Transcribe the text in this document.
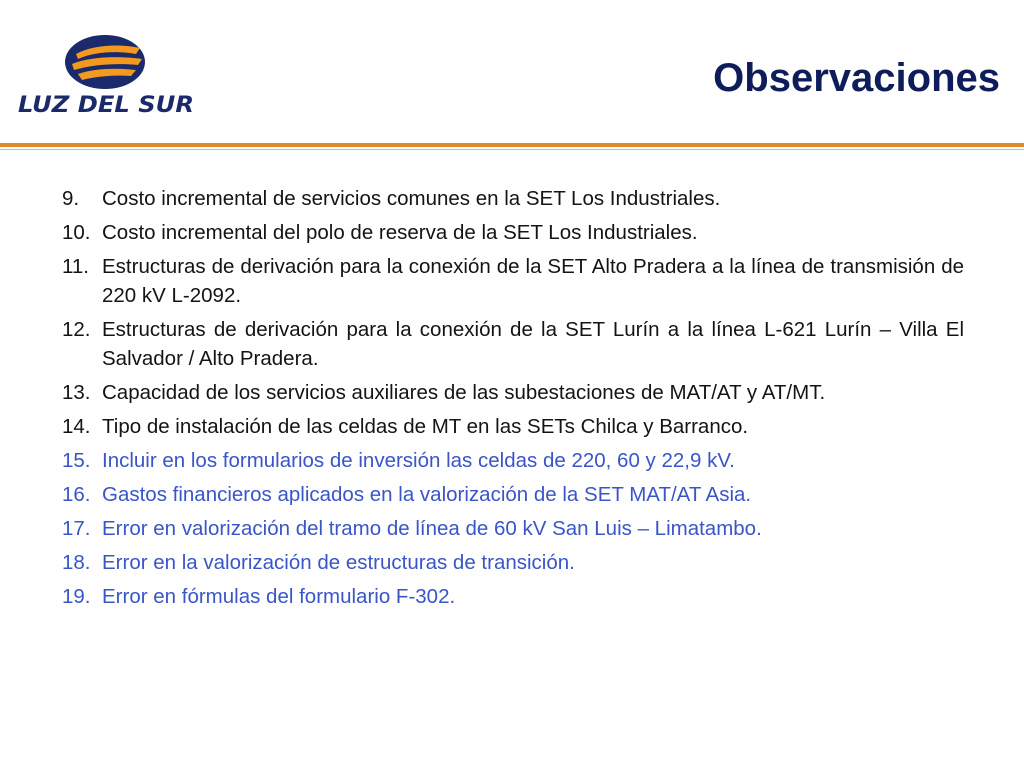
LUZ DEL SUR
Observaciones
9.	Costo incremental de servicios comunes en la SET Los Industriales.
10. Costo incremental del polo de reserva de la SET Los Industriales.
11. Estructuras de derivación para la conexión de la SET Alto Pradera a la línea de transmisión de 220 kV L-2092.
12. Estructuras de derivación para la conexión de la SET Lurín a la línea L-621 Lurín – Villa El Salvador / Alto Pradera.
13. Capacidad de los servicios auxiliares de las subestaciones de MAT/AT y AT/MT.
14. Tipo de instalación de las celdas de MT en las SETs Chilca y Barranco.
15. Incluir en los formularios de inversión las celdas de 220, 60 y 22,9 kV.
16. Gastos financieros aplicados en la valorización de la SET MAT/AT Asia.
17. Error en valorización del tramo de línea de 60 kV San Luis – Limatambo.
18. Error en la valorización de estructuras de transición.
19. Error en fórmulas del formulario F-302.
